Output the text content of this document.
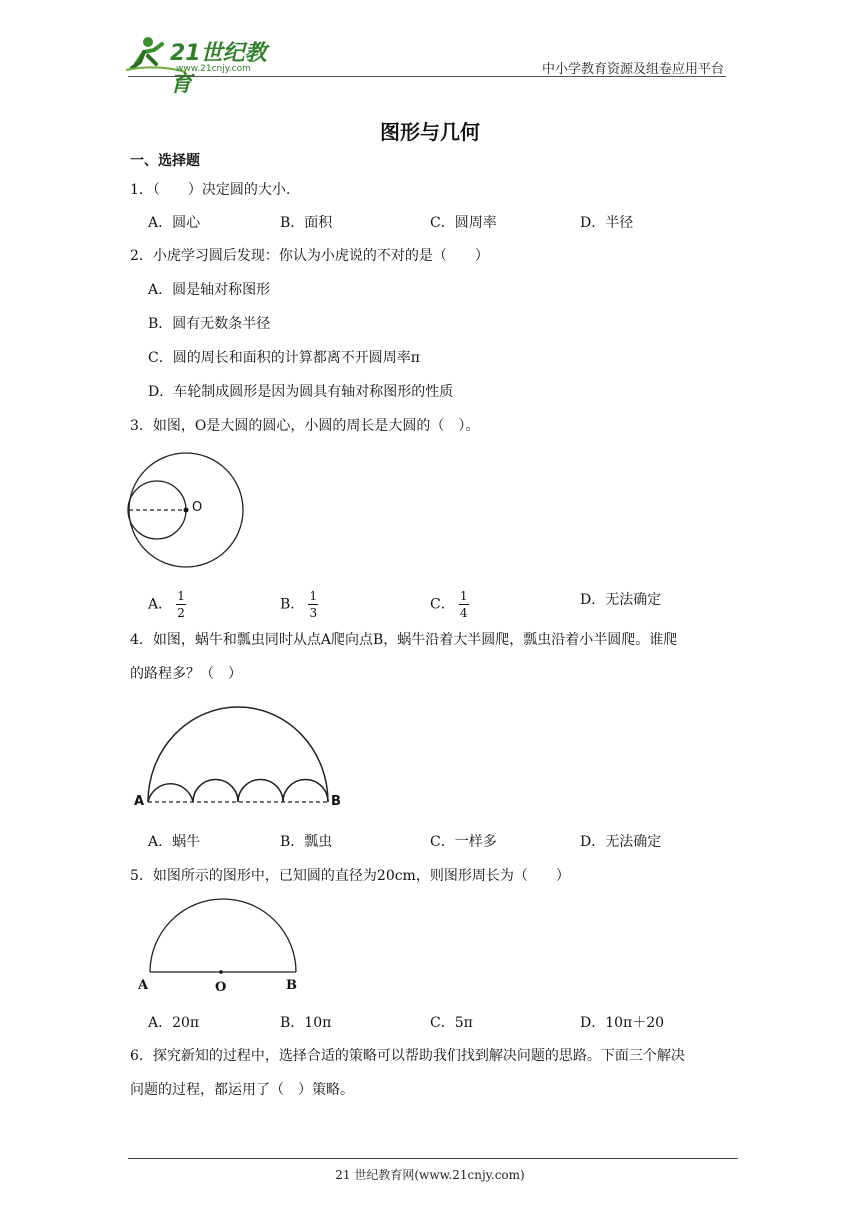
21世纪教育
www.21cnjy.com	中小学教育资源及组卷应用平台
图形与几何
一、选择题
1．（　　）决定圆的大小.
A．圆心	B．面积	C．圆周率	D．半径
2．小虎学习圆后发现：你认为小虎说的不对的是（　　）
A．圆是轴对称图形
B．圆有无数条半径
C．圆的周长和面积的计算都离不开圆周率π
D．车轮制成圆形是因为圆具有轴对称图形的性质
3．如图，O是大圆的圆心，小圆的周长是大圆的（　）。
O
A． $\frac{1}{2}$	B． $\frac{1}{3}$	C． $\frac{1}{4}$	D．无法确定
4．如图，蜗牛和瓢虫同时从点A爬向点B，蜗牛沿着大半圆爬，瓢虫沿着小半圆爬。谁爬
的路程多？（　）
A	B
A．蜗牛	B．瓢虫	C．一样多	D．无法确定
5．如图所示的图形中，已知圆的直径为20cm，则图形周长为（　　）
A	O	B
A．20π	B．10π	C．5π	D．10π＋20
6．探究新知的过程中，选择合适的策略可以帮助我们找到解决问题的思路。下面三个解决
问题的过程，都运用了（　）策略。
21 世纪教育网(www.21cnjy.com)
